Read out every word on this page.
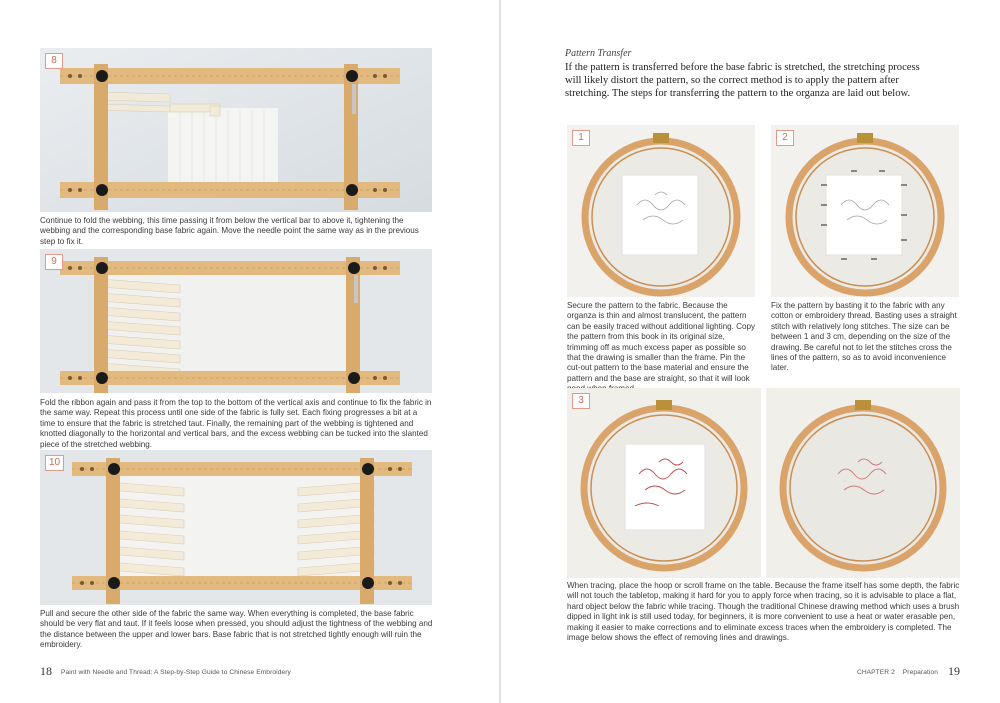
8
Continue to fold the webbing, this time passing it from below the vertical bar to above it, tightening the webbing and the corresponding base fabric again. Move the needle point the same way as in the previous step to fix it.
9
Fold the ribbon again and pass it from the top to the bottom of the vertical axis and continue to fix the fabric in the same way. Repeat this process until one side of the fabric is fully set. Each fixing progresses a bit at a time to ensure that the fabric is stretched taut. Finally, the remaining part of the webbing is tightened and knotted diagonally to the horizontal and vertical bars, and the excess webbing can be tucked into the slanted piece of the stretched webbing.
10
Pull and secure the other side of the fabric the same way. When everything is completed, the base fabric should be very flat and taut. If it feels loose when pressed, you should adjust the tightness of the webbing and the distance between the upper and lower bars. Base fabric that is not stretched tightly enough will ruin the embroidery.
18 Paint with Needle and Thread: A Step-by-Step Guide to Chinese Embroidery
Pattern Transfer
If the pattern is transferred before the base fabric is stretched, the stretching process will likely distort the pattern, so the correct method is to apply the pattern after stretching. The steps for transferring the pattern to the organza are laid out below.
1
Secure the pattern to the fabric. Because the organza is thin and almost translucent, the pattern can be easily traced without additional lighting. Copy the pattern from this book in its original size, trimming off as much excess paper as possible so that the drawing is smaller than the frame. Pin the cut-out pattern to the base material and ensure the pattern and the base are straight, so that it will look
2
Fix the pattern by basting it to the fabric with any cotton or embroidery thread. Basting uses a straight stitch with relatively long stitches. The size can be between 1 and 3 cm, depending on the size of the drawing. Be careful not to let the stitches cross the lines of the pattern, so as to avoid inconvenience later.
3
When tracing, place the hoop or scroll frame on the table. Because the frame itself has some depth, the fabric will not touch the tabletop, making it hard for you to apply force when tracing, so it is advisable to place a flat, hard object below the fabric while tracing. Though the traditional Chinese drawing method which uses a brush dipped in light ink is still used today, for beginners, it is more convenient to use a heat or water erasable pen, making it easier to make corrections and to eliminate excess traces when the embroidery is completed. The image below shows the effect of removing lines and drawings.
CHAPTER 2 Preparation 19
